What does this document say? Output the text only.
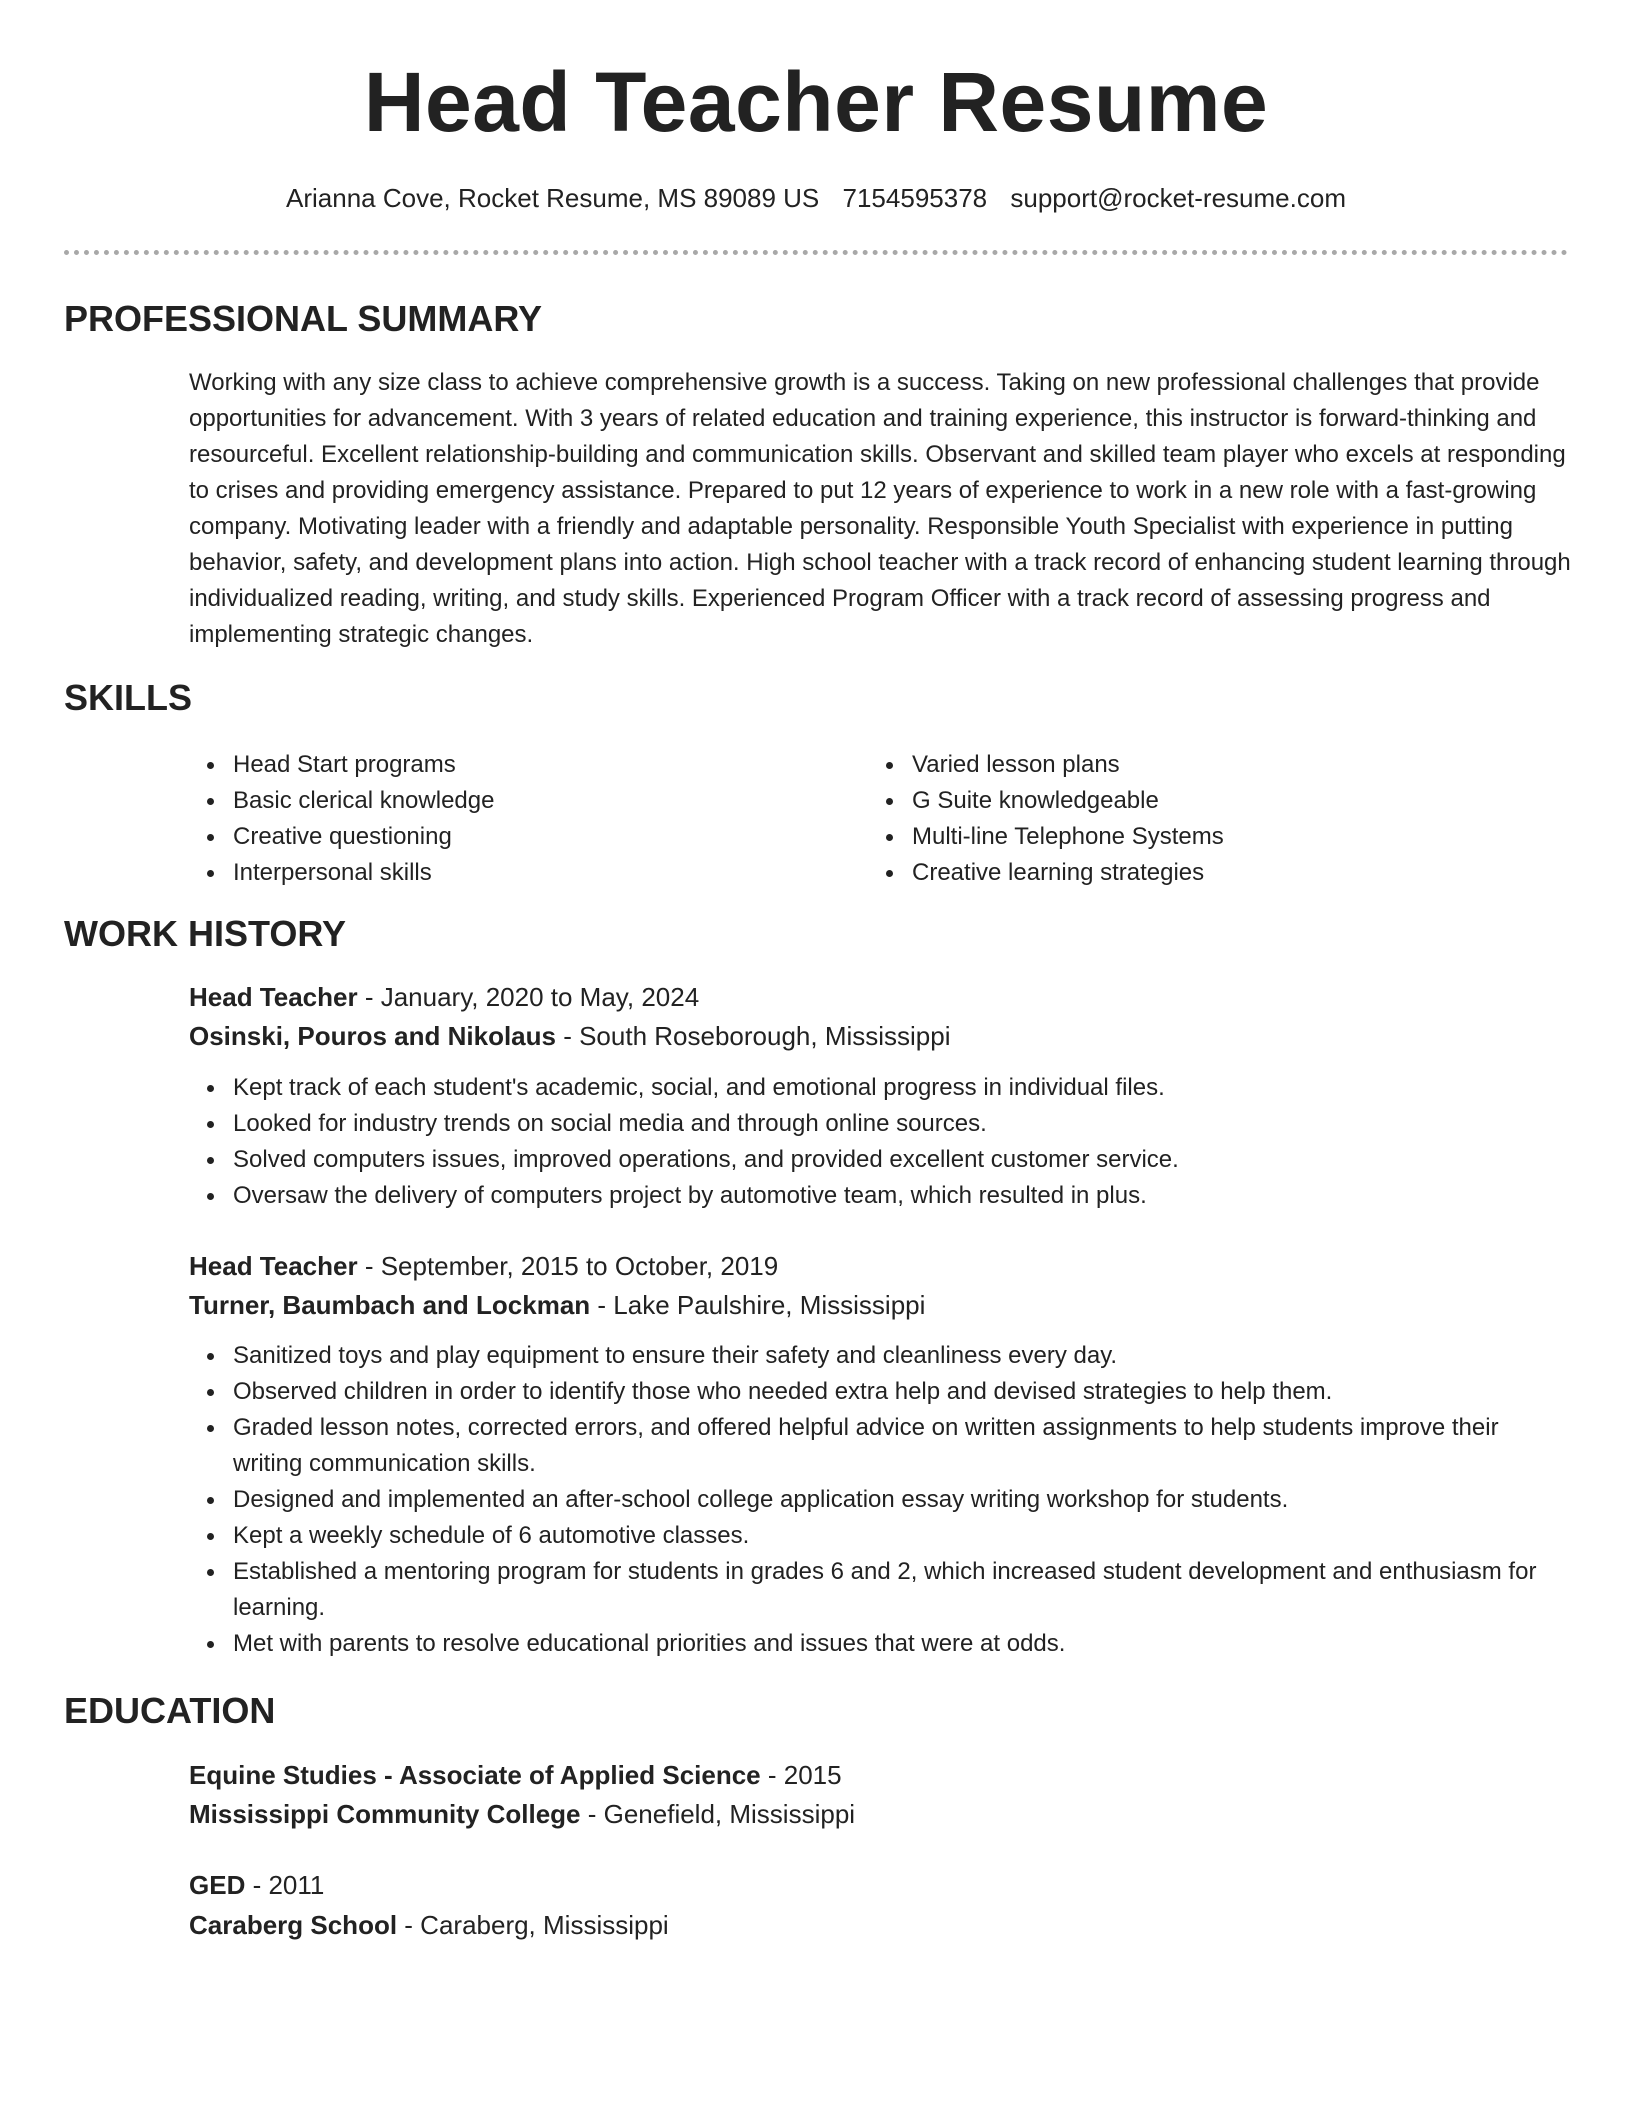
Head Teacher Resume
Arianna Cove, Rocket Resume, MS 89089 US 7154595378 support@rocket-resume.com
PROFESSIONAL SUMMARY

Working with any size class to achieve comprehensive growth is a success. Taking on new professional challenges that provide opportunities for advancement. With 3 years of related education and training experience, this instructor is forward-thinking and resourceful. Excellent relationship-building and communication skills. Observant and skilled team player who excels at responding to crises and providing emergency assistance. Prepared to put 12 years of experience to work in a new role with a fast-growing company. Motivating leader with a friendly and adaptable personality. Responsible Youth Specialist with experience in putting behavior, safety, and development plans into action. High school teacher with a track record of enhancing student learning through individualized reading, writing, and study skills. Experienced Program Officer with a track record of assessing progress and implementing strategic changes.

SKILLS
Head Start programs
Basic clerical knowledge
Creative questioning
Interpersonal skills
Varied lesson plans
G Suite knowledgeable
Multi-line Telephone Systems
Creative learning strategies
WORK HISTORY
Head Teacher - January, 2020 to May, 2024
Osinski, Pouros and Nikolaus - South Roseborough, Mississippi
Kept track of each student's academic, social, and emotional progress in individual files.
Looked for industry trends on social media and through online sources.
Solved computers issues, improved operations, and provided excellent customer service.
Oversaw the delivery of computers project by automotive team, which resulted in plus.
Head Teacher - September, 2015 to October, 2019
Turner, Baumbach and Lockman - Lake Paulshire, Mississippi
Sanitized toys and play equipment to ensure their safety and cleanliness every day.
Observed children in order to identify those who needed extra help and devised strategies to help them.
Graded lesson notes, corrected errors, and offered helpful advice on written assignments to help students improve their writing communication skills.
Designed and implemented an after-school college application essay writing workshop for students.
Kept a weekly schedule of 6 automotive classes.
Established a mentoring program for students in grades 6 and 2, which increased student development and enthusiasm for learning.
Met with parents to resolve educational priorities and issues that were at odds.
EDUCATION
Equine Studies - Associate of Applied Science - 2015
Mississippi Community College - Genefield, Mississippi
GED - 2011
Caraberg School - Caraberg, Mississippi
